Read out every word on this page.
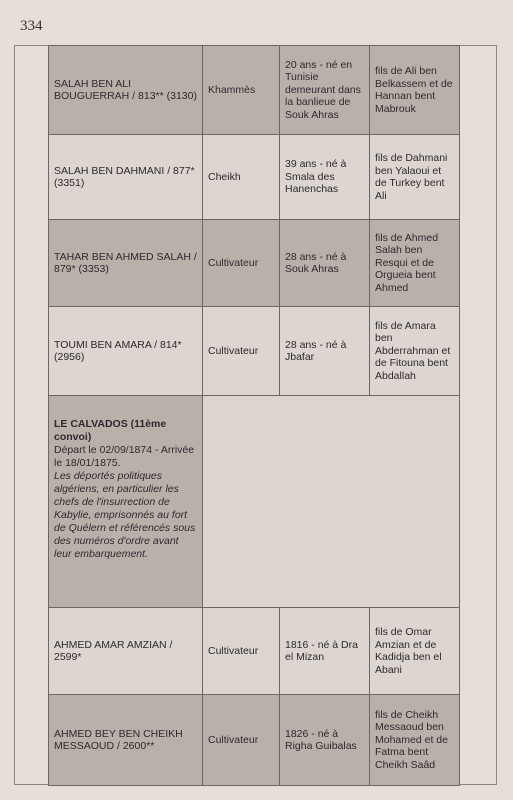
334
SALAH BEN ALI BOUGUERRAH / 813** (3130)	Khammès	20 ans - né en Tunisie demeurant dans la banlieue de Souk Ahras	fils de Ali ben Belkassem et de Hannan bent Mabrouk
SALAH BEN DAHMANI / 877* (3351)	Cheikh	39 ans - né à Smala des Hanenchas	fils de Dahmani ben Yalaoui et de Turkey bent Ali
TAHAR BEN AHMED SALAH / 879* (3353)	Cultivateur	28 ans - né à Souk Ahras	fils de Ahmed Salah ben Resqui et de Orgueia bent Ahmed
TOUMI BEN AMARA / 814* (2956)	Cultivateur	28 ans - né à Jbafar	fils de Amara ben Abderrahman et de Fitouna bent Abdallah
LE CALVADOS (11ème convoi)
Départ le 02/09/1874 - Arrivée le 18/01/1875.
Les déportés politiques algériens, en particulier les chefs de l'insurrection de Kabylie, emprisonnés au fort de Quélern et référencés sous des numéros d'ordre avant leur embarquement.			
AHMED AMAR AMZIAN / 2599*	Cultivateur	1816 - né à Dra el Mizan	fils de Omar Amzian et de Kadidja ben el Abani
AHMED BEY BEN CHEIKH MESSAOUD / 2600**	Cultivateur	1826 - né à Righa Guibalas	fils de Cheikh Messaoud ben Mohamed et de Fatma bent Cheikh Saâd
